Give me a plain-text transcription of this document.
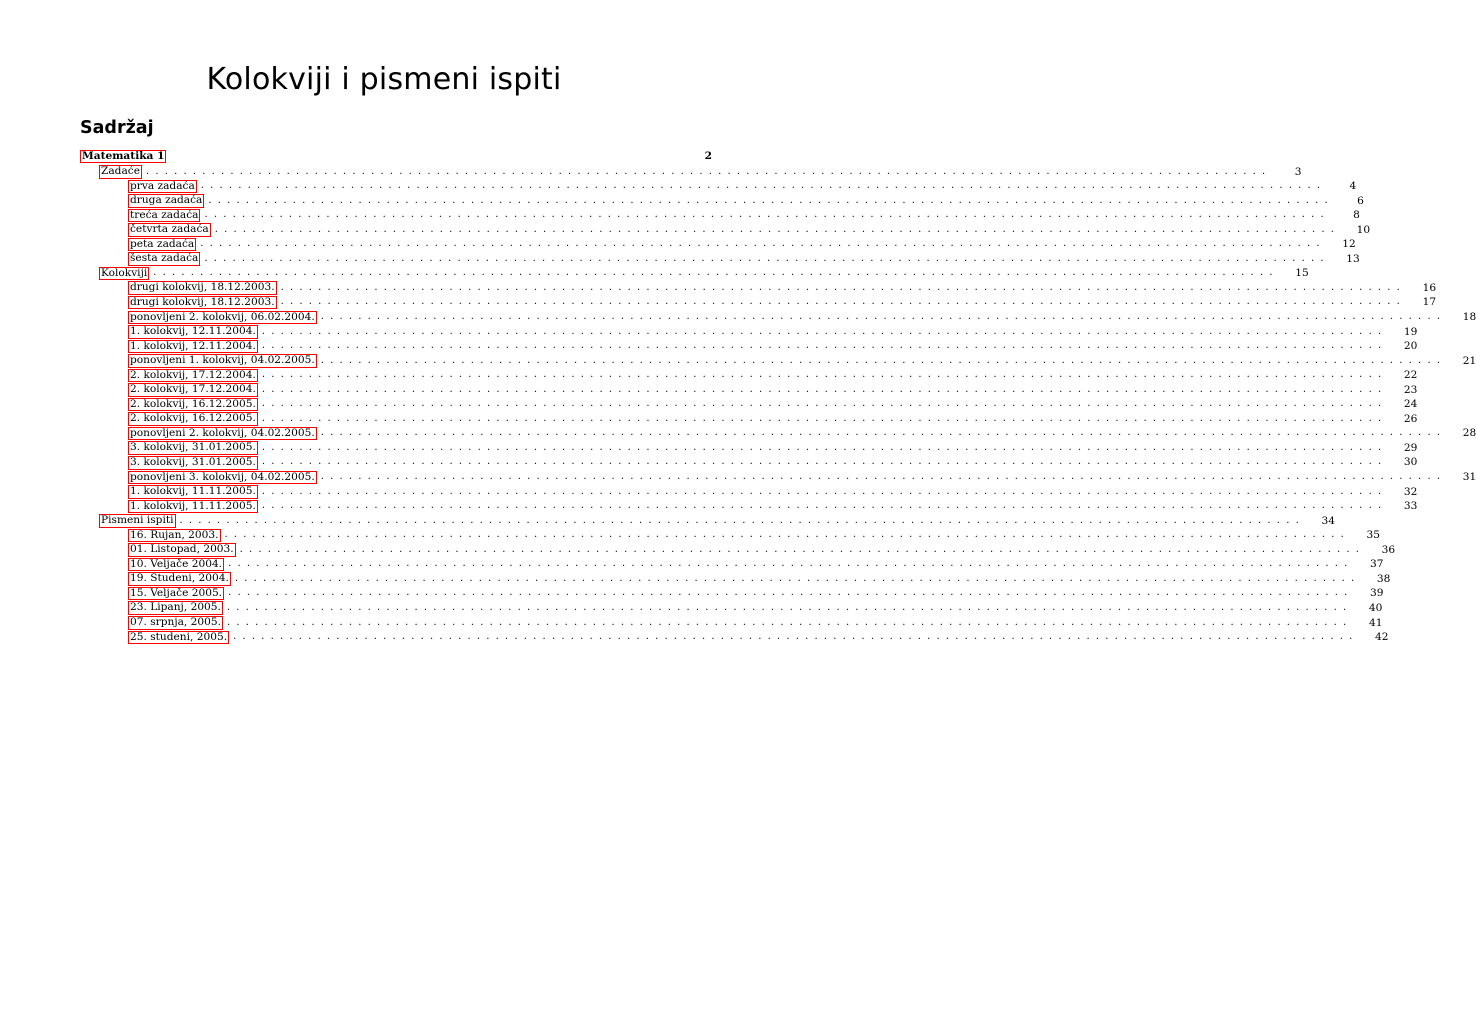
Kolokviji i pismeni ispiti
Sadržaj
Matematika 1	2
Zadaće ........................................................................................................................	3
prva zadaća ........................................................................................................................	4
druga zadaća ........................................................................................................................	6
treća zadaća ........................................................................................................................	8
četvrta zadaća ........................................................................................................................	10
peta zadaća ........................................................................................................................	12
šesta zadaća ........................................................................................................................	13
Kolokviji ........................................................................................................................	15
drugi kolokvij, 18.12.2003. ........................................................................................................................	16
drugi kolokvij, 18.12.2003. ........................................................................................................................	17
ponovljeni 2. kolokvij, 06.02.2004. ........................................................................................................................	18
1. kolokvij, 12.11.2004. ........................................................................................................................	19
1. kolokvij, 12.11.2004. ........................................................................................................................	20
ponovljeni 1. kolokvij, 04.02.2005. ........................................................................................................................	21
2. kolokvij, 17.12.2004. ........................................................................................................................	22
2. kolokvij, 17.12.2004. ........................................................................................................................	23
2. kolokvij, 16.12.2005. ........................................................................................................................	24
2. kolokvij, 16.12.2005. ........................................................................................................................	26
ponovljeni 2. kolokvij, 04.02.2005. ........................................................................................................................	28
3. kolokvij, 31.01.2005. ........................................................................................................................	29
3. kolokvij, 31.01.2005. ........................................................................................................................	30
ponovljeni 3. kolokvij, 04.02.2005. ........................................................................................................................	31
1. kolokvij, 11.11.2005. ........................................................................................................................	32
1. kolokvij, 11.11.2005. ........................................................................................................................	33
Pismeni ispiti ........................................................................................................................	34
16. Rujan, 2003. ........................................................................................................................	35
01. Listopad, 2003. ........................................................................................................................	36
10. Veljače 2004. ........................................................................................................................	37
19. Studeni, 2004. ........................................................................................................................	38
15. Veljače 2005. ........................................................................................................................	39
23. Lipanj, 2005. ........................................................................................................................	40
07. srpnja, 2005. ........................................................................................................................	41
25. studeni, 2005. ........................................................................................................................	42
